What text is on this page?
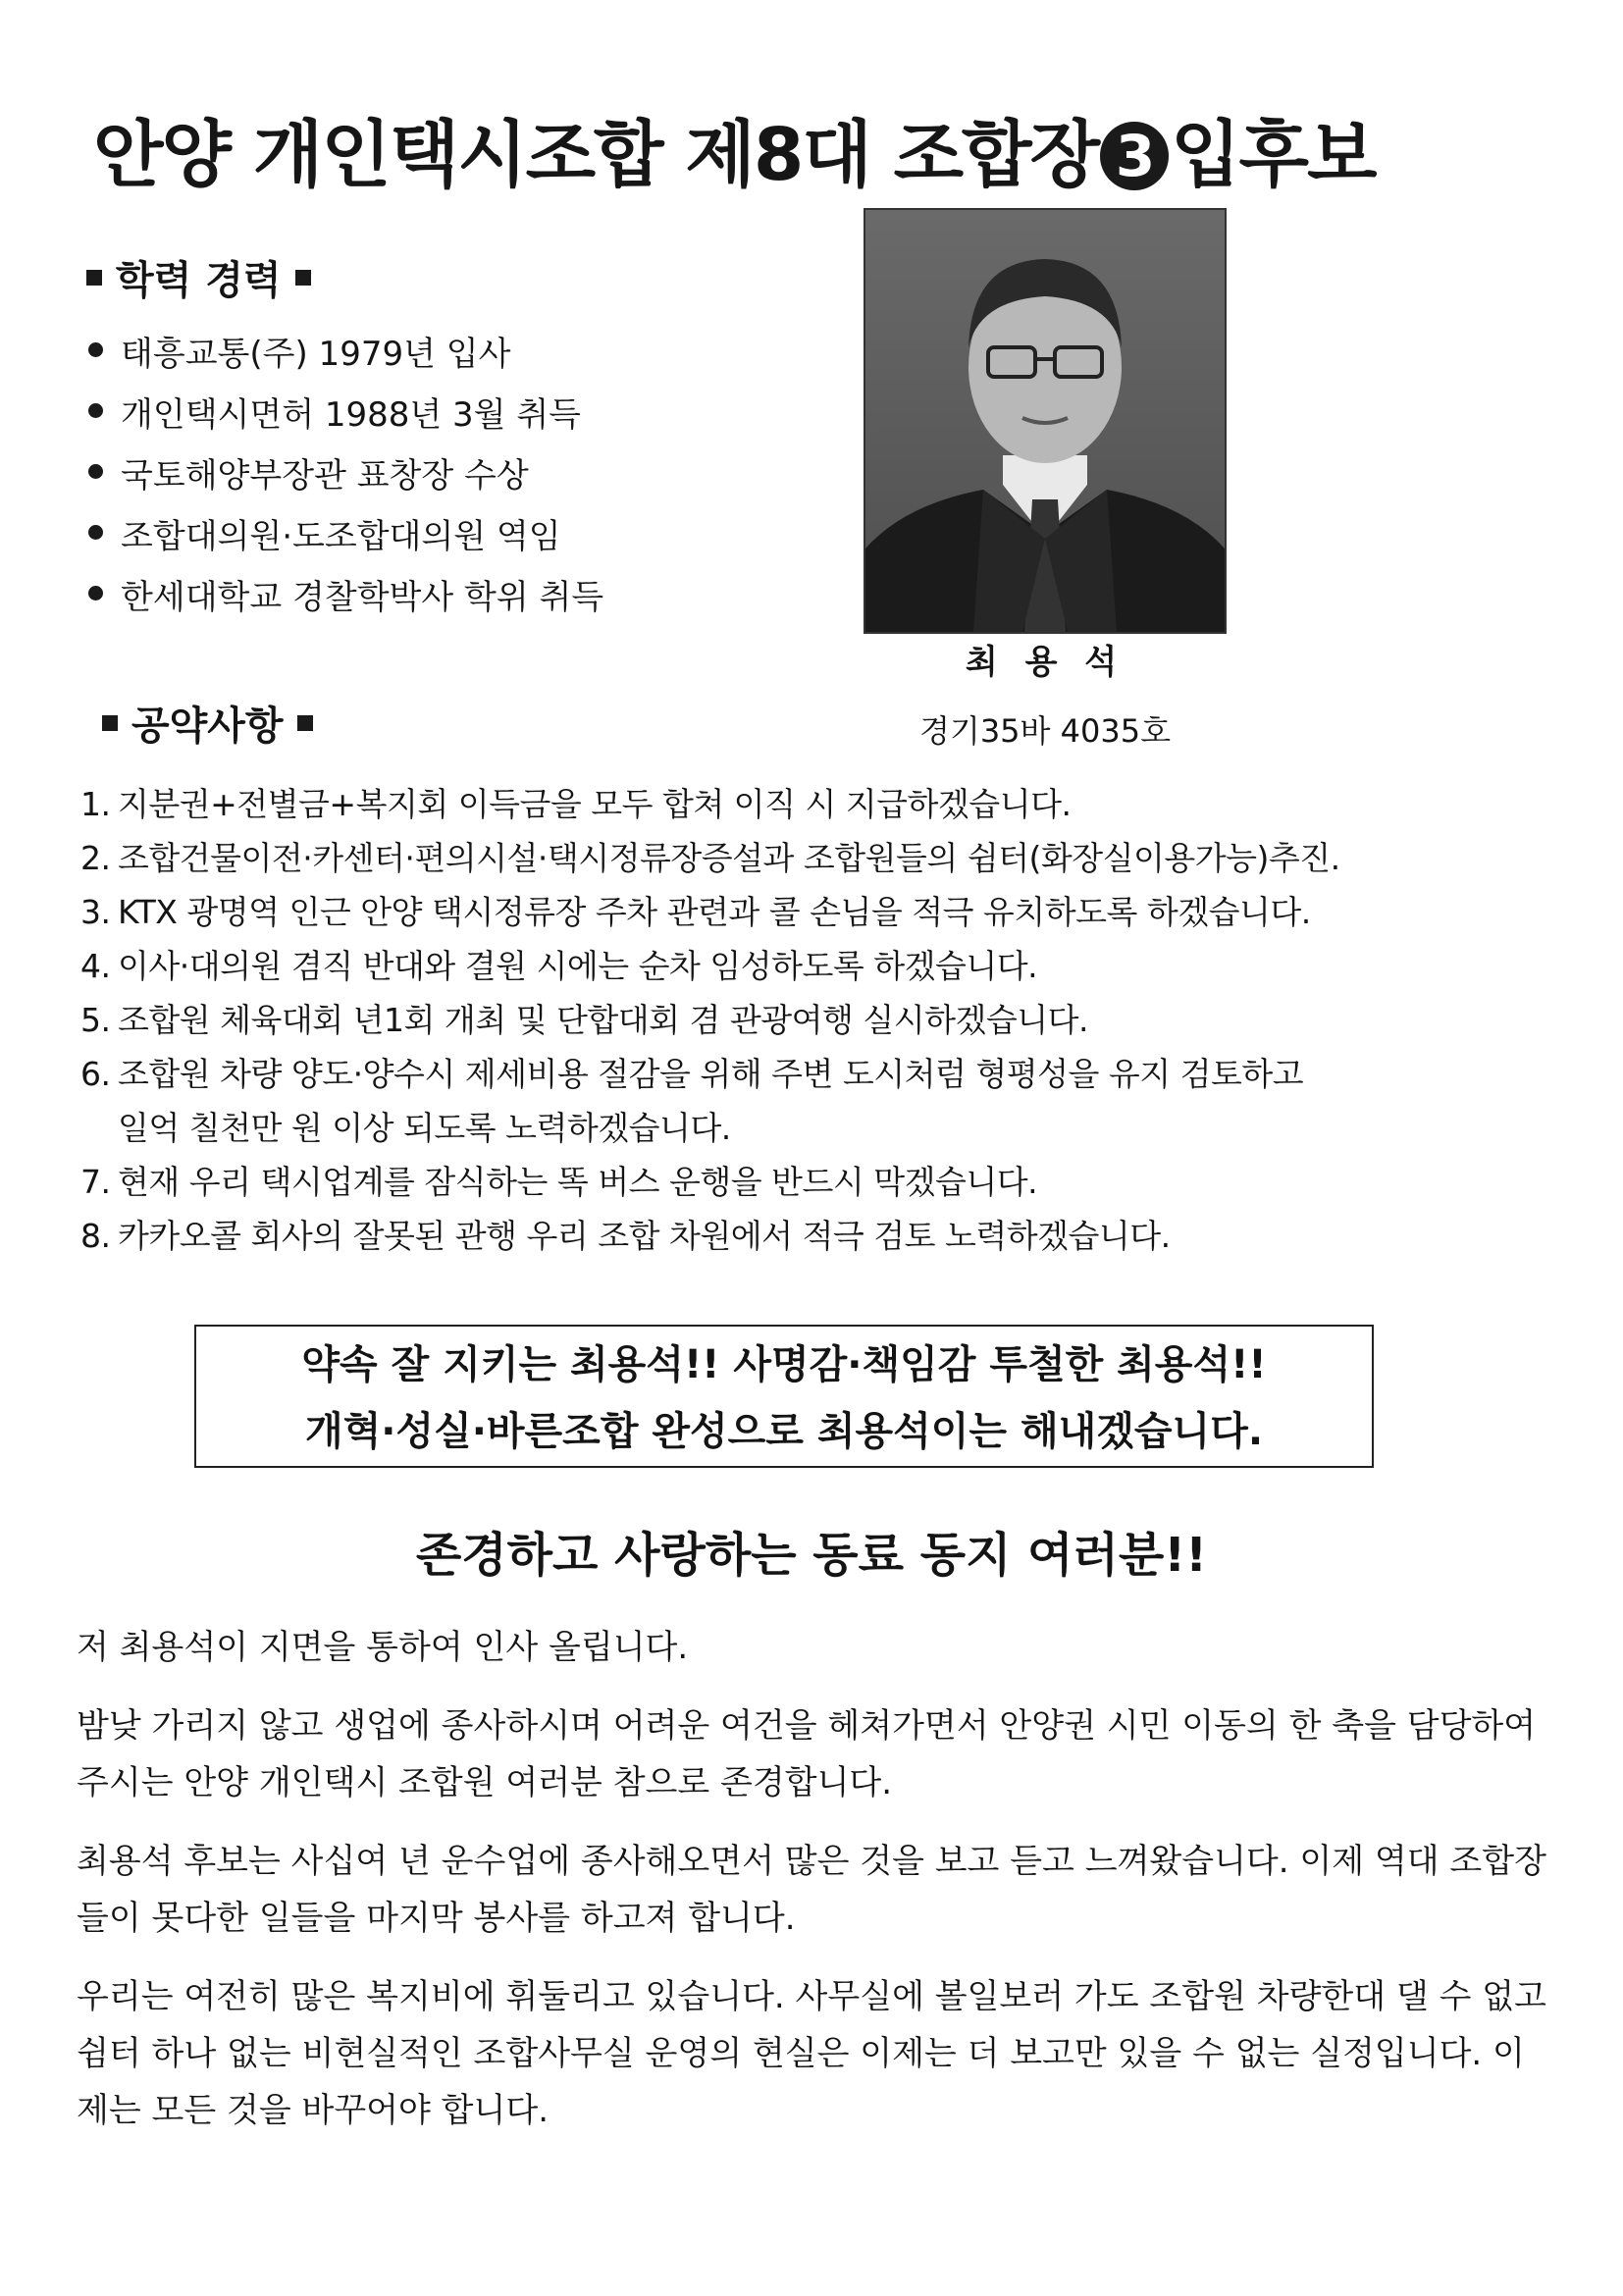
안양 개인택시조합 제8대 조합장 3 입후보
학력 경력
태흥교통(주) 1979년 입사
개인택시면허 1988년 3월 취득
국토해양부장관 표창장 수상
조합대의원·도조합대의원 역임
한세대학교 경찰학박사 학위 취득
최 용 석
경기35바 4035호
공약사항
1. 지분권+전별금+복지회 이득금을 모두 합쳐 이직 시 지급하겠습니다.
2. 조합건물이전·카센터·편의시설·택시정류장증설과 조합원들의 쉼터(화장실이용가능)추진.
3. KTX 광명역 인근 안양 택시정류장 주차 관련과 콜 손님을 적극 유치하도록 하겠습니다.
4. 이사·대의원 겸직 반대와 결원 시에는 순차 임성하도록 하겠습니다.
5. 조합원 체육대회 년1회 개최 및 단합대회 겸 관광여행 실시하겠습니다.
6. 조합원 차량 양도·양수시 제세비용 절감을 위해 주변 도시처럼 형평성을 유지 검토하고
일억 칠천만 원 이상 되도록 노력하겠습니다.
7. 현재 우리 택시업계를 잠식하는 똑 버스 운행을 반드시 막겠습니다.
8. 카카오콜 회사의 잘못된 관행 우리 조합 차원에서 적극 검토 노력하겠습니다.
약속 잘 지키는 최용석!! 사명감·책임감 투철한 최용석!!
개혁·성실·바른조합 완성으로 최용석이는 해내겠습니다.
존경하고 사랑하는 동료 동지 여러분!!

저 최용석이 지면을 통하여 인사 올립니다.

밤낮 가리지 않고 생업에 종사하시며 어려운 여건을 헤쳐가면서 안양권 시민 이동의 한 축을 담당하여 주시는 안양 개인택시 조합원 여러분 참으로 존경합니다.

최용석 후보는 사십여 년 운수업에 종사해오면서 많은 것을 보고 듣고 느껴왔습니다. 이제 역대 조합장들이 못다한 일들을 마지막 봉사를 하고져 합니다.

우리는 여전히 많은 복지비에 휘둘리고 있습니다. 사무실에 볼일보러 가도 조합원 차량한대 댈 수 없고 쉼터 하나 없는 비현실적인 조합사무실 운영의 현실은 이제는 더 보고만 있을 수 없는 실정입니다. 이제는 모든 것을 바꾸어야 합니다.
